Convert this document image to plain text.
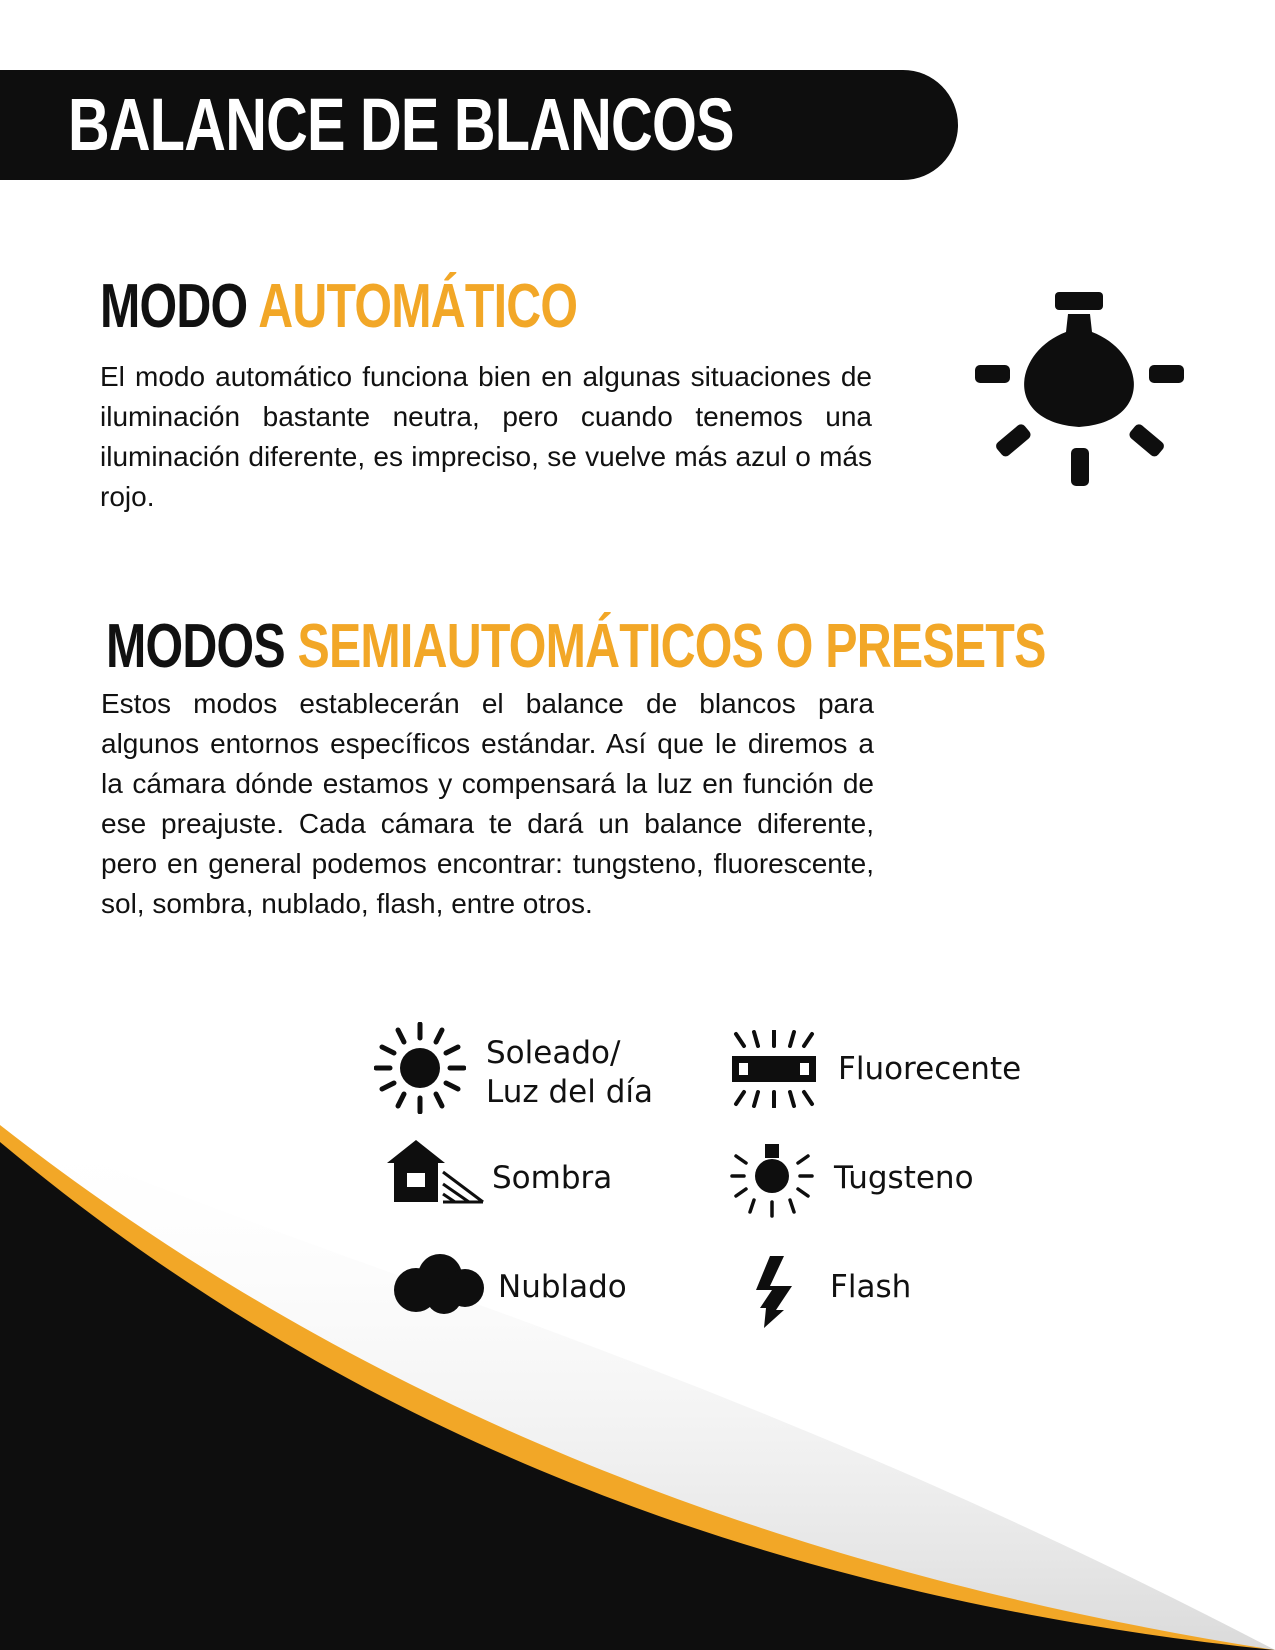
BALANCE DE BLANCOS
MODO AUTOMÁTICO

El modo automático funciona bien en algunas situaciones de iluminación bastante neutra, pero cuando tenemos una iluminación diferente, es impreciso, se vuelve más azul o más rojo.

MODOS SEMIAUTOMÁTICOS O PRESETS

Estos modos establecerán el balance de blancos para algunos entornos específicos estándar. Así que le diremos a la cámara dónde estamos y compensará la luz en función de ese preajuste. Cada cámara te dará un balance diferente, pero en general podemos encontrar: tungsteno, fluorescente, sol, sombra, nublado, flash, entre otros.

Soleado/

Luz del día

Fluorecente

Sombra	Tugsteno

Nublado	Flash
